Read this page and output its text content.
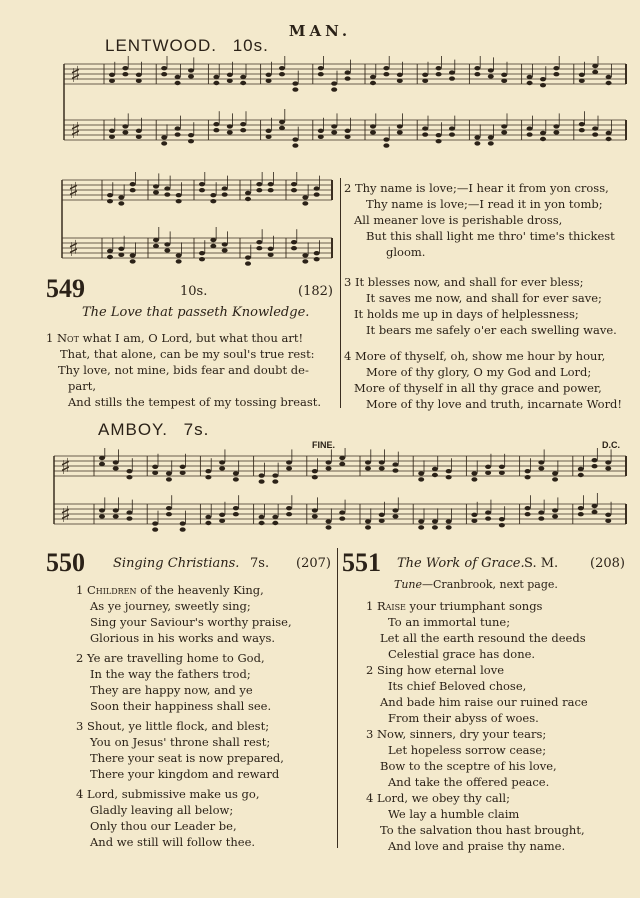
MAN.
LENTWOOD. 10s.
♯
♯
♯
♯
549	10s.	(182)
The Love that passeth Knowledge.

1 Not what I am, O Lord, but what thou art!

That, that alone, can be my soul's true rest:

Thy love, not mine, bids fear and doubt de-

part,

And stills the tempest of my tossing breast.

2 Thy name is love;—I hear it from yon cross,

Thy name is love;—I read it in yon tomb;

All meaner love is perishable dross,

But this shall light me thro' time's thickest

gloom.

3 It blesses now, and shall for ever bless;

It saves me now, and shall for ever save;

It holds me up in days of helplessness;

It bears me safely o'er each swelling wave.

4 More of thyself, oh, show me hour by hour,

More of thy glory, O my God and Lord;

More of thyself in all thy grace and power,

More of thy love and truth, incarnate Word!

AMBOY. 7s.
FINE.	D.C.
♯
♯
550 Singing Christians. 7s. (207)

1 Children of the heavenly King,

As ye journey, sweetly sing;

Sing your Saviour's worthy praise,

Glorious in his works and ways.

2 Ye are travelling home to God,

In the way the fathers trod;

They are happy now, and ye

Soon their happiness shall see.

3 Shout, ye little flock, and blest;

You on Jesus' throne shall rest;

There your seat is now prepared,

There your kingdom and reward

4 Lord, submissive make us go,

Gladly leaving all below;

Only thou our Leader be,

And we still will follow thee.

551 The Work of Grace. S. M. (208)
Tune—Cranbrook, next page.

1 Raise your triumphant songs

To an immortal tune;

Let all the earth resound the deeds

Celestial grace has done.

2 Sing how eternal love

Its chief Beloved chose,

And bade him raise our ruined race

From their abyss of woes.

3 Now, sinners, dry your tears;

Let hopeless sorrow cease;

Bow to the sceptre of his love,

And take the offered peace.

4 Lord, we obey thy call;

We lay a humble claim

To the salvation thou hast brought,

And love and praise thy name.
